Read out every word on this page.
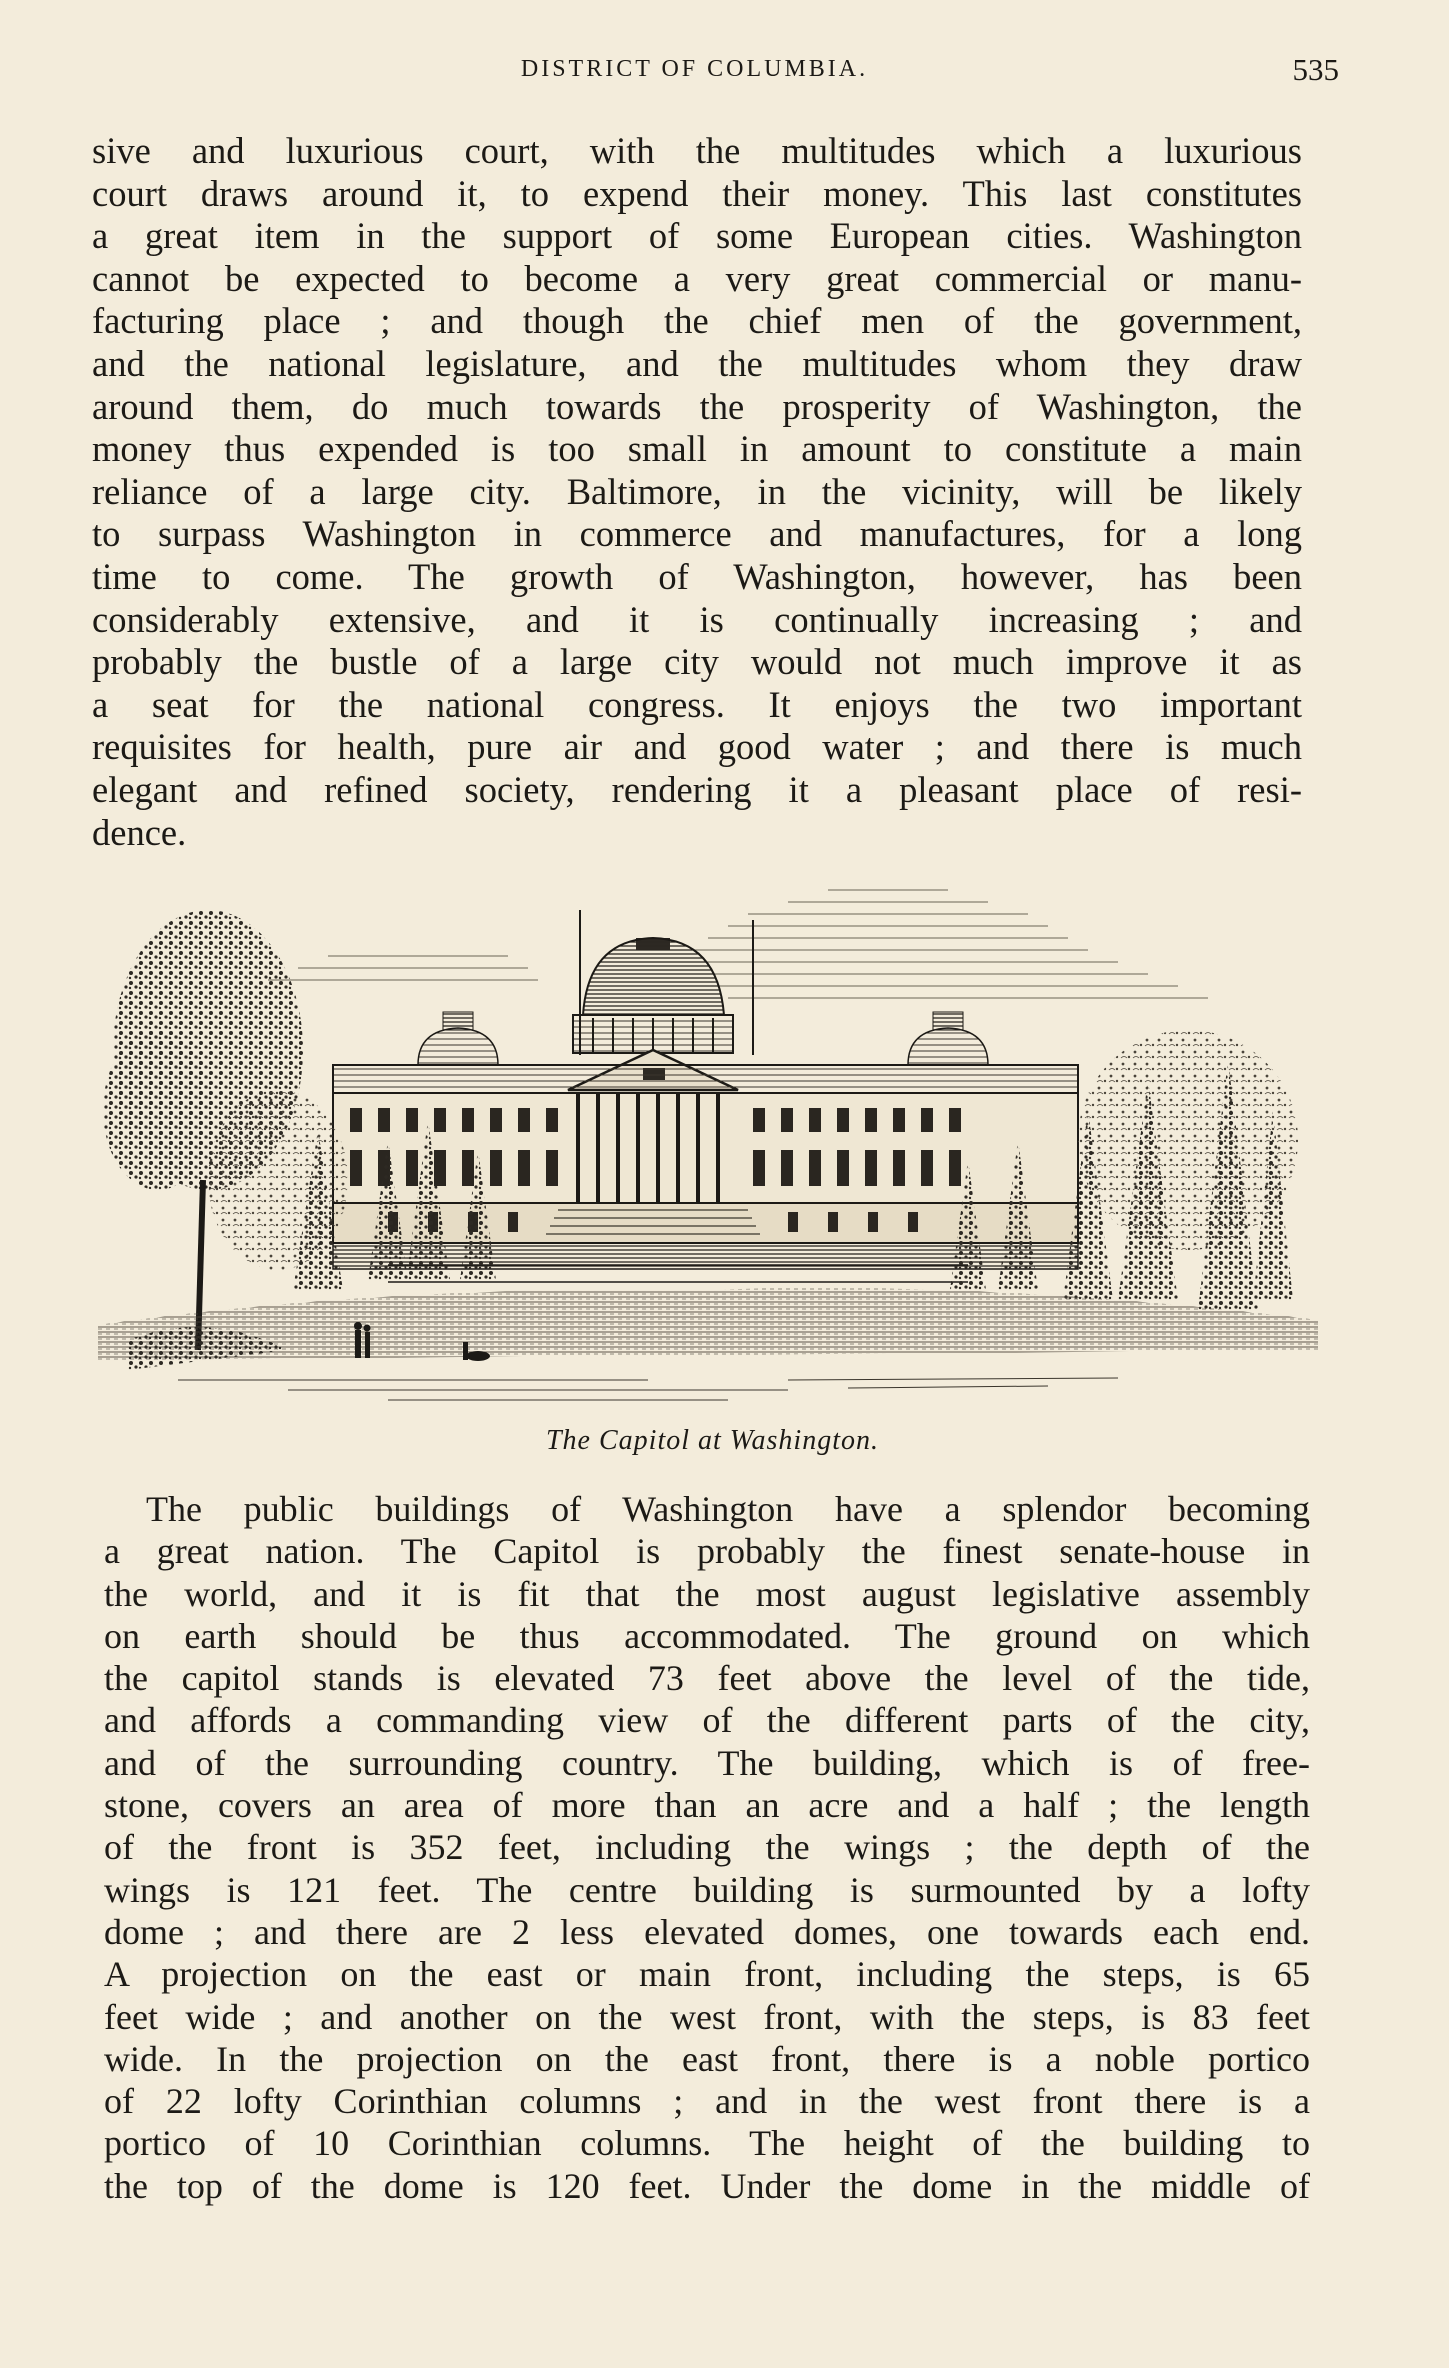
DISTRICT OF COLUMBIA.	535

sive and luxurious court, with the multitudes which a luxurious
court draws around it, to expend their money. This last constitutes
a great item in the support of some European cities. Washington
cannot be expected to become a very great commercial or manu-
facturing place ; and though the chief men of the government,
and the national legislature, and the multitudes whom they draw
around them, do much towards the prosperity of Washington, the
money thus expended is too small in amount to constitute a main
reliance of a large city. Baltimore, in the vicinity, will be likely
to surpass Washington in commerce and manufactures, for a long
time to come. The growth of Washington, however, has been
considerably extensive, and it is continually increasing ; and
probably the bustle of a large city would not much improve it as
a seat for the national congress. It enjoys the two important
requisites for health, pure air and good water ; and there is much
elegant and refined society, rendering it a pleasant place of resi-
dence.

The Capitol at Washington.

The public buildings of Washington have a splendor becoming
a great nation. The Capitol is probably the finest senate-house in
the world, and it is fit that the most august legislative assembly
on earth should be thus accommodated. The ground on which
the capitol stands is elevated 73 feet above the level of the tide,
and affords a commanding view of the different parts of the city,
and of the surrounding country. The building, which is of free-
stone, covers an area of more than an acre and a half ; the length
of the front is 352 feet, including the wings ; the depth of the
wings is 121 feet. The centre building is surmounted by a lofty
dome ; and there are 2 less elevated domes, one towards each end.
A projection on the east or main front, including the steps, is 65
feet wide ; and another on the west front, with the steps, is 83 feet
wide. In the projection on the east front, there is a noble portico
of 22 lofty Corinthian columns ; and in the west front there is a
portico of 10 Corinthian columns. The height of the building to
the top of the dome is 120 feet. Under the dome in the middle of
